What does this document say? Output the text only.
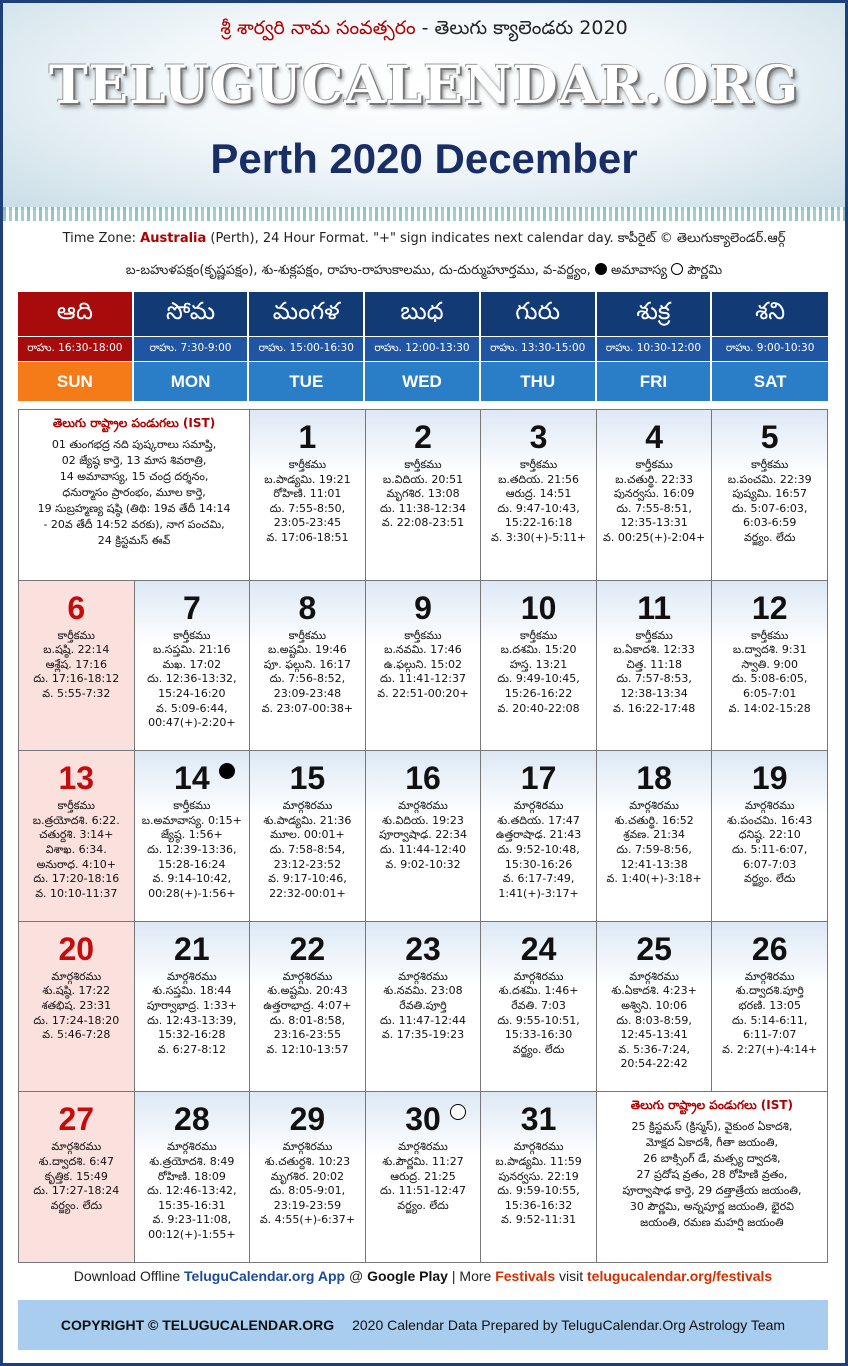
శ్రీ శార్వరి నామ సంవత్సరం - తెలుగు క్యాలెండరు 2020
TELUGUCALENDAR.ORG
Perth 2020 December
Time Zone: Australia (Perth), 24 Hour Format. "+" sign indicates next calendar day. కాపీరైట్ © తెలుగుక్యాలెండర్.ఆర్గ్
బ-బహుళపక్షం(కృష్ణపక్షం), శు-శుక్లపక్షం, రాహు-రాహుకాలము, దు-దుర్ముహూర్తము, వ-వర్జ్యం, అమావాస్య పౌర్ణమి
ఆది
రాహు. 16:30-18:00
SUN
సోమ
రాహు. 7:30-9:00
MON
మంగళ
రాహు. 15:00-16:30
TUE
బుధ
రాహు. 12:00-13:30
WED
గురు
రాహు. 13:30-15:00
THU
శుక్ర
రాహు. 10:30-12:00
FRI
శని
రాహు. 9:00-10:30
SAT
తెలుగు రాష్ట్రాల పండుగలు (IST)
01 తుంగభద్ర నది పుష్కరాలు సమాప్తి,
02 జ్యేష్ఠ కార్తె, 13 మాస శివరాత్రి,
14 అమావాస్య, 15 చంద్ర దర్శనం,
ధనుర్మాసం ప్రారంభం, మూల కార్తె,
19 సుబ్రహ్మణ్య షష్ఠి (తిథి: 19వ తేదీ 14:14
- 20వ తేదీ 14:52 వరకు), నాగ పంచమి,
24 క్రిస్టమస్ ఈవ్
1
కార్తీకము
బ.పాడ్యమి. 19:21
రోహిణి. 11:01
దు. 7:55-8:50,
23:05-23:45
వ. 17:06-18:51
2
కార్తీకము
బ.విదియ. 20:51
మృగశిర. 13:08
దు. 11:38-12:34
వ. 22:08-23:51
3
కార్తీకము
బ.తదియ. 21:56
ఆరుద్ర. 14:51
దు. 9:47-10:43,
15:22-16:18
వ. 3:30(+)-5:11+
4
కార్తీకము
బ.చతుర్థి. 22:33
పునర్వసు. 16:09
దు. 7:55-8:51,
12:35-13:31
వ. 00:25(+)-2:04+
5
కార్తీకము
బ.పంచమి. 22:39
పుష్యమి. 16:57
దు. 5:07-6:03,
6:03-6:59
వర్జ్యం. లేదు
6
కార్తీకము
బ.షష్ఠి. 22:14
ఆశ్లేష. 17:16
దు. 17:16-18:12
వ. 5:55-7:32
7
కార్తీకము
బ.సప్తమి. 21:16
మఖ. 17:02
దు. 12:36-13:32,
15:24-16:20
వ. 5:09-6:44,
00:47(+)-2:20+
8
కార్తీకము
బ.అష్టమి. 19:46
పూ. ఫల్గుని. 16:17
దు. 7:56-8:52,
23:09-23:48
వ. 23:07-00:38+
9
కార్తీకము
బ.నవమి. 17:46
ఉ.ఫల్గుని. 15:02
దు. 11:41-12:37
వ. 22:51-00:20+
10
కార్తీకము
బ.దశమి. 15:20
హస్త. 13:21
దు. 9:49-10:45,
15:26-16:22
వ. 20:40-22:08
11
కార్తీకము
బ.ఏకాదశి. 12:33
చిత్త. 11:18
దు. 7:57-8:53,
12:38-13:34
వ. 16:22-17:48
12
కార్తీకము
బ.ద్వాదశి. 9:31
స్వాతి. 9:00
దు. 5:08-6:05,
6:05-7:01
వ. 14:02-15:28
13
కార్తీకము
బ.త్రయోదశి. 6:22.
చతుర్దశి. 3:14+
విశాఖ. 6:34.
అనురాధ. 4:10+
దు. 17:20-18:16
వ. 10:10-11:37
14
కార్తీకము
బ.అమావాస్య. 0:15+
జ్యేష్ఠ. 1:56+
దు. 12:39-13:36,
15:28-16:24
వ. 9:14-10:42,
00:28(+)-1:56+
15
మార్గశిరము
శు.పాడ్యమి. 21:36
మూల. 00:01+
దు. 7:58-8:54,
23:12-23:52
వ. 9:17-10:46,
22:32-00:01+
16
మార్గశిరము
శు.విదియ. 19:23
పూర్వాషాఢ. 22:34
దు. 11:44-12:40
వ. 9:02-10:32
17
మార్గశిరము
శు.తదియ. 17:47
ఉత్తరాషాఢ. 21:43
దు. 9:52-10:48,
15:30-16:26
వ. 6:17-7:49,
1:41(+)-3:17+
18
మార్గశిరము
శు.చతుర్థి. 16:52
శ్రవణ. 21:34
దు. 7:59-8:56,
12:41-13:38
వ. 1:40(+)-3:18+
19
మార్గశిరము
శు.పంచమి. 16:43
ధనిష్ఠ. 22:10
దు. 5:11-6:07,
6:07-7:03
వర్జ్యం. లేదు
20
మార్గశిరము
శు.షష్ఠి. 17:22
శతభిష. 23:31
దు. 17:24-18:20
వ. 5:46-7:28
21
మార్గశిరము
శు.సప్తమి. 18:44
పూర్వాభాద్ర. 1:33+
దు. 12:43-13:39,
15:32-16:28
వ. 6:27-8:12
22
మార్గశిరము
శు.అష్టమి. 20:43
ఉత్తరాభాద్ర. 4:07+
దు. 8:01-8:58,
23:16-23:55
వ. 12:10-13:57
23
మార్గశిరము
శు.నవమి. 23:08
రేవతి.పూర్తి
దు. 11:47-12:44
వ. 17:35-19:23
24
మార్గశిరము
శు.దశమి. 1:46+
రేవతి. 7:03
దు. 9:55-10:51,
15:33-16:30
వర్జ్యం. లేదు
25
మార్గశిరము
శు.ఏకాదశి. 4:23+
అశ్విని. 10:06
దు. 8:03-8:59,
12:45-13:41
వ. 5:36-7:24,
20:54-22:42
26
మార్గశిరము
శు.ద్వాదశి.పూర్తి
భరణి. 13:05
దు. 5:14-6:11,
6:11-7:07
వ. 2:27(+)-4:14+
27
మార్గశిరము
శు.ద్వాదశి. 6:47
కృత్తిక. 15:49
దు. 17:27-18:24
వర్జ్యం. లేదు
28
మార్గశిరము
శు.త్రయోదశి. 8:49
రోహిణి. 18:09
దు. 12:46-13:42,
15:35-16:31
వ. 9:23-11:08,
00:12(+)-1:55+
29
మార్గశిరము
శు.చతుర్దశి. 10:23
మృగశిర. 20:02
దు. 8:05-9:01,
23:19-23:59
వ. 4:55(+)-6:37+
30
మార్గశిరము
శు.పౌర్ణమి. 11:27
ఆరుద్ర. 21:25
దు. 11:51-12:47
వర్జ్యం. లేదు
31
మార్గశిరము
బ.పాడ్యమి. 11:59
పునర్వసు. 22:19
దు. 9:59-10:55,
15:36-16:32
వ. 9:52-11:31
తెలుగు రాష్ట్రాల పండుగలు (IST)
25 క్రిస్టమస్ (క్రిస్మస్), వైకుంఠ ఏకాదశి,
మోక్షద ఏకాదశీ, గీతా జయంతి,
26 బాక్సింగ్ డే, మత్స్య ద్వాదశి,
27 ప్రదోష వ్రతం, 28 రోహిణి వ్రతం,
పూర్వాషాఢ కార్తె, 29 దత్తాత్రేయ జయంతి,
30 పౌర్ణమి, అన్నపూర్ణ జయంతి, భైరవి
జయంతి, రమణ మహర్షి జయంతి
Download Offline TeluguCalendar.org App @ Google Play | More Festivals visit telugucalendar.org/festivals
COPYRIGHT © TELUGUCALENDAR.ORG 2020 Calendar Data Prepared by TeluguCalendar.Org Astrology Team
